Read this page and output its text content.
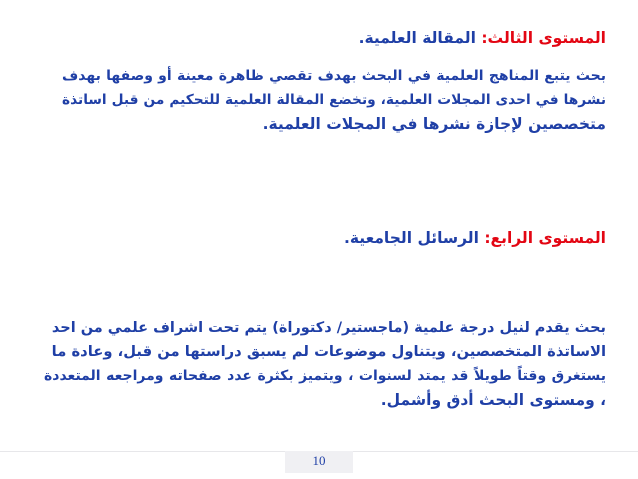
المستوى الثالث: المقالة العلمية.
بحث يتبع المناهج العلمية في البحث بهدف تقصي ظاهرة معينة أو وصفها بهدف
نشرها في احدى المجلات العلمية، وتخضع المقالة العلمية للتحكيم من قبل اساتذة
متخصصين لإجازة نشرها في المجلات العلمية.
المستوى الرابع: الرسائل الجامعية.
بحث يقدم لنيل درجة علمية (ماجستير/ دكتوراة) يتم تحت اشراف علمي من احد
الاساتذة المتخصصين، ويتناول موضوعات لم يسبق دراستها من قبل، وعادة ما
يستغرق وقتاً طويلاً قد يمتد لسنوات ، ويتميز بكثرة عدد صفحاته ومراجعه المتعددة
، ومستوى البحث أدق وأشمل.
10
